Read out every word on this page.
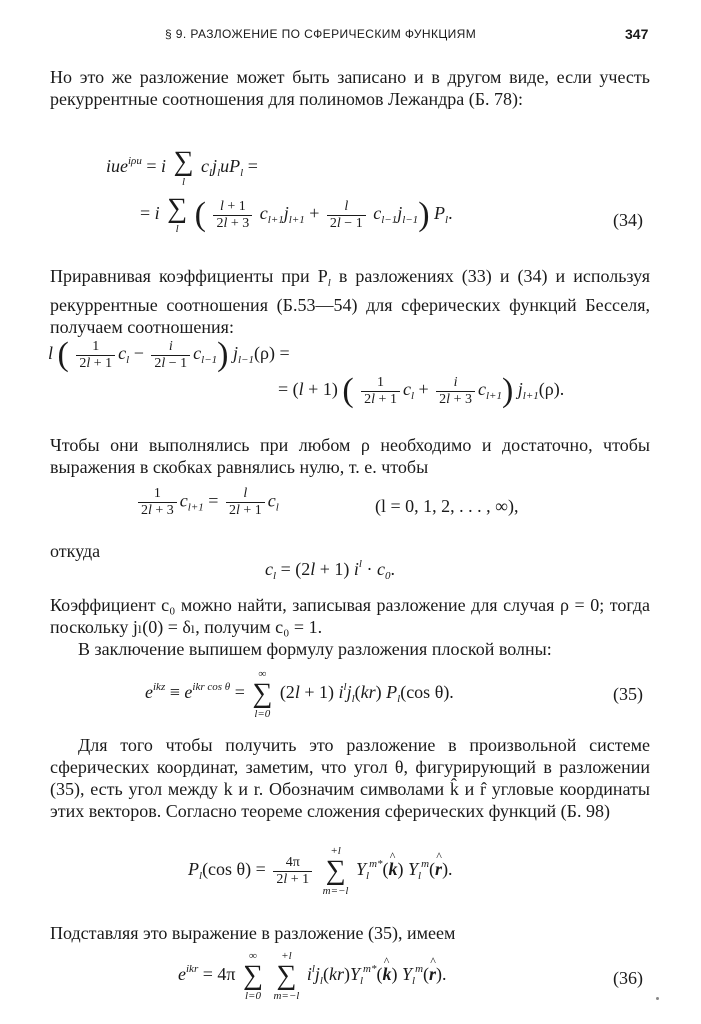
§ 9. РАЗЛОЖЕНИЕ ПО СФЕРИЧЕСКИМ ФУНКЦИЯМ	347
Но это же разложение может быть записано и в другом виде, если учесть рекуррентные соотношения для полиномов Лежандра (Б. 78):
iue$^{i\rho u}$ = i ∑
l
$c_lj_luP_l$ =
= i ∑
l ( $\frac{l + 1}{2l + 3} c_{l+1}j_{l+1} + \frac{l}{2l - 1} c_{l-1}j_{l-1}$) $P_l$.	(34)
Приравнивая коэффициенты при $P_l$ в разложениях (33) и (34) и используя рекуррентные соотношения (Б.53—54) для сферических функций Бесселя, получаем соотношения:
l ( $\frac{1}{2l + 1} c_l - \frac{i}{2l - 1} c_{l-1}$) $j_{l-1}(\rho)$ =
= (l + 1) ( $\frac{1}{2l + 1} c_l + \frac{i}{2l + 3} c_{l+1}$) $j_{l+1}(\rho)$.
Чтобы они выполнялись при любом ρ необходимо и достаточно, чтобы выражения в скобках равнялись нулю, т. е. чтобы
$\frac{1}{2l + 3} c_{l+1} = \frac{l}{2l + 1} c_l$	(l = 0, 1, 2, . . . , ∞),
откуда
$c_l = (2l + 1) i^l \cdot c_0$.
Коэффициент c₀ можно найти, записывая разложение для случая ρ = 0; тогда поскольку jₗ(0) = δₗ, получим c₀ = 1.
В заключение выпишем формулу разложения плоской волны:
$e^{ikz} \equiv e^{ikr cos \theta}$ =
∞
∑
l=0
(2l + 1) $i^lj_l(kr)$ $P_l(\cos$ θ).	(35)
Для того чтобы получить это разложение в произвольной системе сферических координат, заметим, что угол θ, фигурирующий в разложении (35), есть угол между k и r. Обозначим символами k̂ и r̂ угловые координаты этих векторов. Согласно теореме сложения сферических функций (Б. 98)
$P_l(\cos$ $\theta) = \frac{4\pi}{2l + 1}$

+l
∑
m=−l
$Y_l^{m*}(\^{}$ k) $Y_l^m(\^{}$ r).
Подставляя это выражение в разложение (35), имеем
$e^{ikr} = 4\pi$
∞
∑
l=0

+l
∑
m=−l
$i^lj_l(kr)Y_l^{m*}(\^{}$ k) $Y_l^m(\^{}$ r).	(36)
